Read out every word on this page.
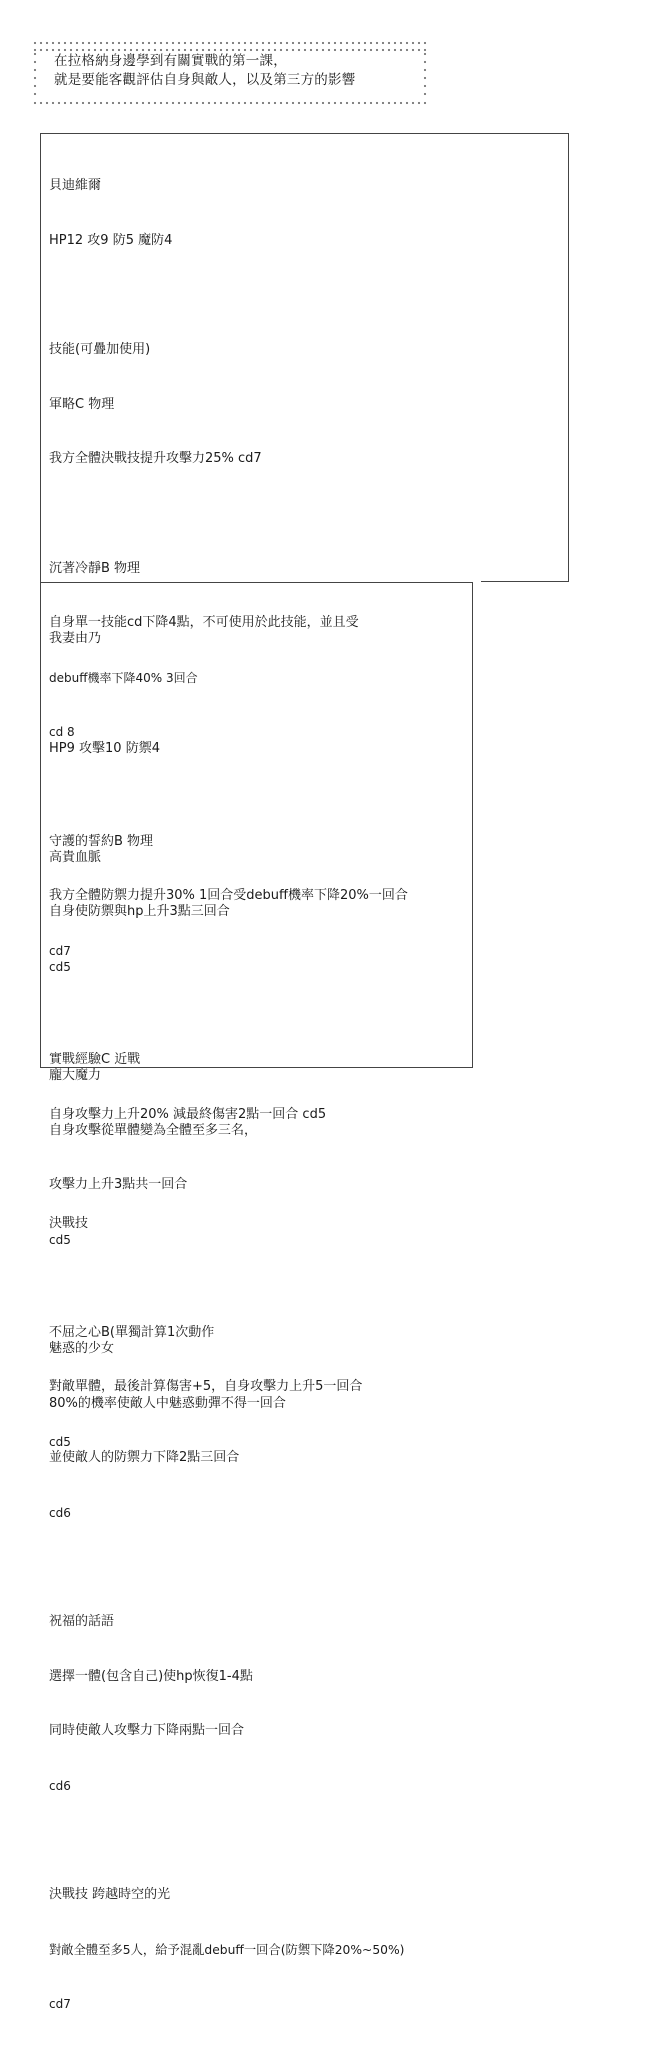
在拉格納身邊學到有關實戰的第一課，
就是要能客觀評估自身與敵人，以及第三方的影響

貝迪維爾

HP12 攻9 防5 魔防4

技能(可疊加使用)

軍略C 物理

我方全體決戰技提升攻擊力25% cd7

沉著冷靜B 物理

自身單一技能cd下降4點，不可使用於此技能，並且受

debuff機率下降40% 3回合

cd 8

守護的誓約B 物理

我方全體防禦力提升30% 1回合受debuff機率下降20%一回合

cd7

實戰經驗C 近戰

自身攻擊力上升20% 減最終傷害2點一回合 cd5

決戰技

不屈之心B(單獨計算1次動作

對敵單體，最後計算傷害+5，自身攻擊力上升5一回合

cd5

我妻由乃

HP9 攻擊10 防禦4

高貴血脈

自身使防禦與hp上升3點三回合

cd5

龐大魔力

自身攻擊從單體變為全體至多三名，

攻擊力上升3點共一回合

cd5

魅惑的少女

80%的機率使敵人中魅惑動彈不得一回合

並使敵人的防禦力下降2點三回合

cd6

祝福的話語

選擇一體(包含自己)使hp恢復1-4點

同時使敵人攻擊力下降兩點一回合

cd6

決戰技 跨越時空的光

對敵全體至多5人，給予混亂debuff一回合(防禦下降20%~50%)

cd7
